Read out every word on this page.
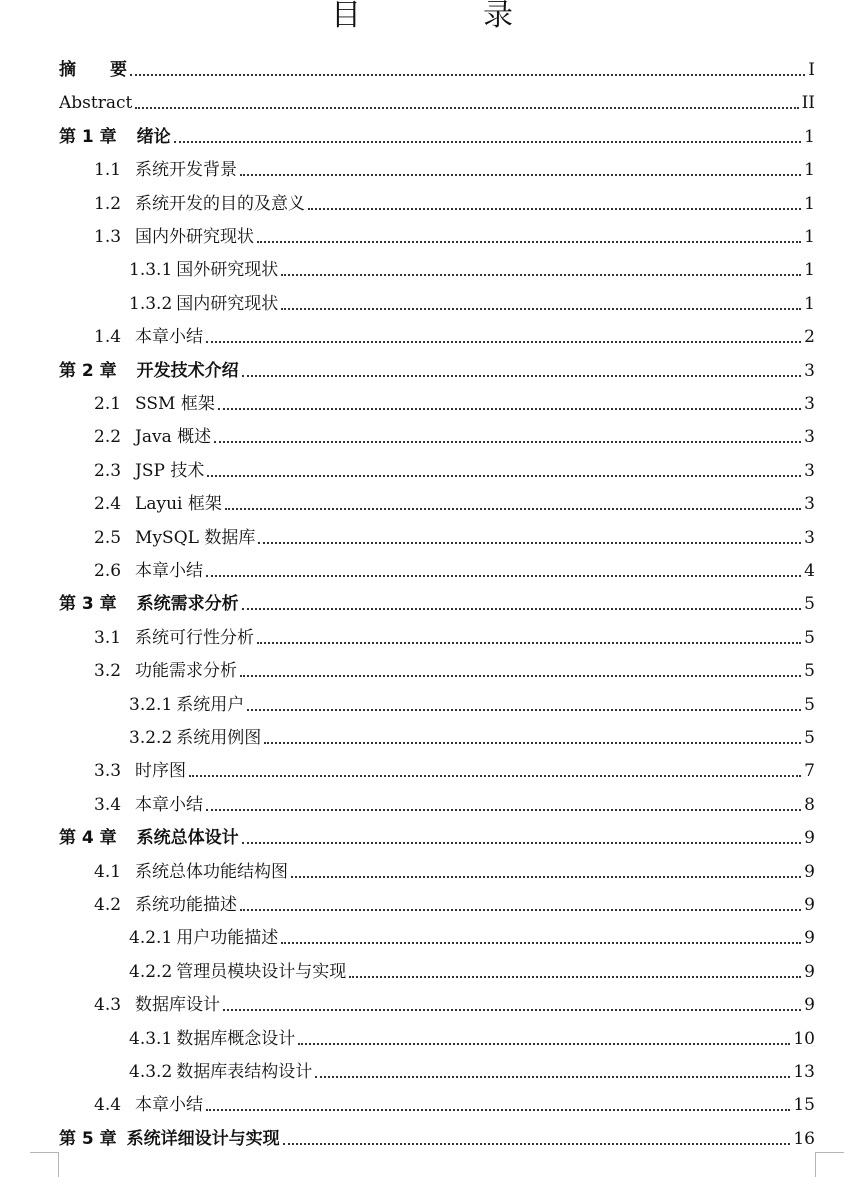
目　录
摘　　要	I
Abstract	II
第 1 章 绪论	1
1.1 系统开发背景	1
1.2 系统开发的目的及意义	1
1.3 国内外研究现状	1
1.3.1 国外研究现状	1
1.3.2 国内研究现状	1
1.4 本章小结	2
第 2 章 开发技术介绍	3
2.1 SSM 框架	3
2.2 Java 概述	3
2.3 JSP 技术	3
2.4 Layui 框架	3
2.5 MySQL 数据库	3
2.6 本章小结	4
第 3 章 系统需求分析	5
3.1 系统可行性分析	5
3.2 功能需求分析	5
3.2.1 系统用户	5
3.2.2 系统用例图	5
3.3 时序图	7
3.4 本章小结	8
第 4 章 系统总体设计	9
4.1 系统总体功能结构图	9
4.2 系统功能描述	9
4.2.1 用户功能描述	9
4.2.2 管理员模块设计与实现	9
4.3 数据库设计	9
4.3.1 数据库概念设计	10
4.3.2 数据库表结构设计	13
4.4 本章小结	15
第 5 章 系统详细设计与实现	16
